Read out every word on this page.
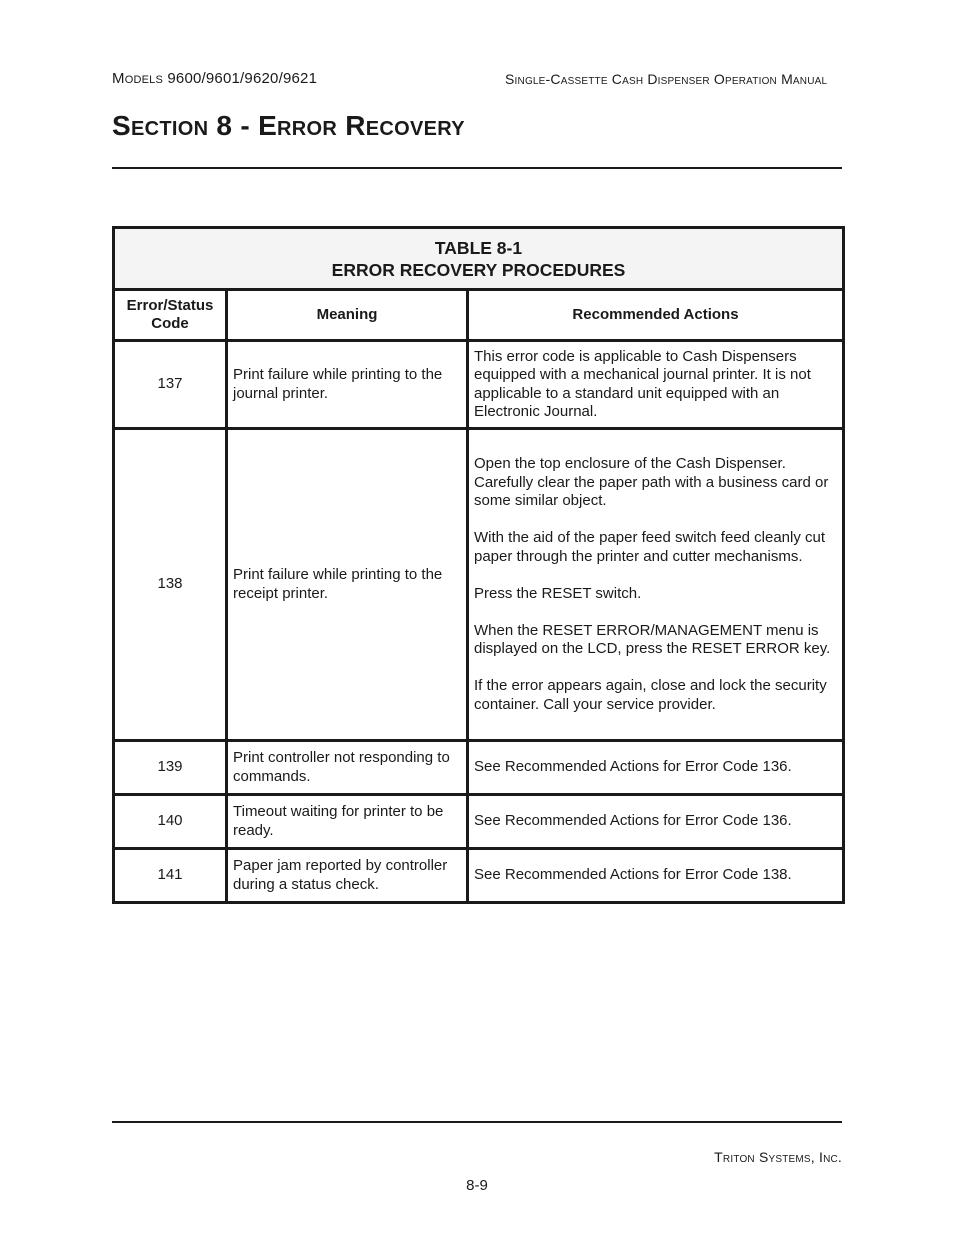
Models 9600/9601/9620/9621	Single-Cassette Cash Dispenser Operation Manual
Section 8 - Error Recovery
TABLE 8-1
ERROR RECOVERY PROCEDURES		

Error/Status Code	Meaning	Recommended Actions
137	Print failure while printing to the journal printer.	This error code is applicable to Cash Dispensers equipped with a mechanical journal printer. It is not applicable to a standard unit equipped with an Electronic Journal.

138	Print failure while printing to the receipt printer.	Open the top enclosure of the Cash Dispenser. Carefully clear the paper path with a business card or some similar object.

With the aid of the paper feed switch feed cleanly cut paper through the printer and cutter mechanisms.

Press the RESET switch.

When the RESET ERROR/MANAGEMENT menu is displayed on the LCD, press the RESET ERROR key.

If the error appears again, close and lock the security container. Call your service provider.

139	Print controller not responding to commands.	See Recommended Actions for Error Code 136.

140	Timeout waiting for printer to be ready.	See Recommended Actions for Error Code 136.

141	Paper jam reported by controller during a status check.	See Recommended Actions for Error Code 138.

Triton Systems, Inc.
8-9
